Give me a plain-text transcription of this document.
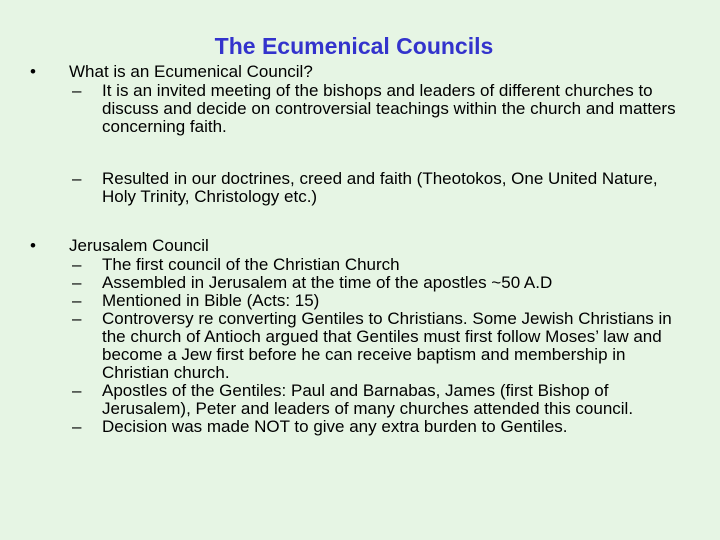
The Ecumenical Councils
• What is an Ecumenical Council?
– It is an invited meeting of the bishops and leaders of different churches to discuss and decide on controversial teachings within the church and matters concerning faith.
– Resulted in our doctrines, creed and faith (Theotokos, One United Nature, Holy Trinity, Christology etc.)
• Jerusalem Council
– The first council of the Christian Church
– Assembled in Jerusalem at the time of the apostles ~50 A.D
– Mentioned in Bible (Acts: 15)
– Controversy re converting Gentiles to Christians. Some Jewish Christians in the church of Antioch argued that Gentiles must first follow Moses’ law and become a Jew first before he can receive baptism and membership in Christian church.
– Apostles of the Gentiles: Paul and Barnabas, James (first Bishop of Jerusalem), Peter and leaders of many churches attended this council.
– Decision was made NOT to give any extra burden to Gentiles.
